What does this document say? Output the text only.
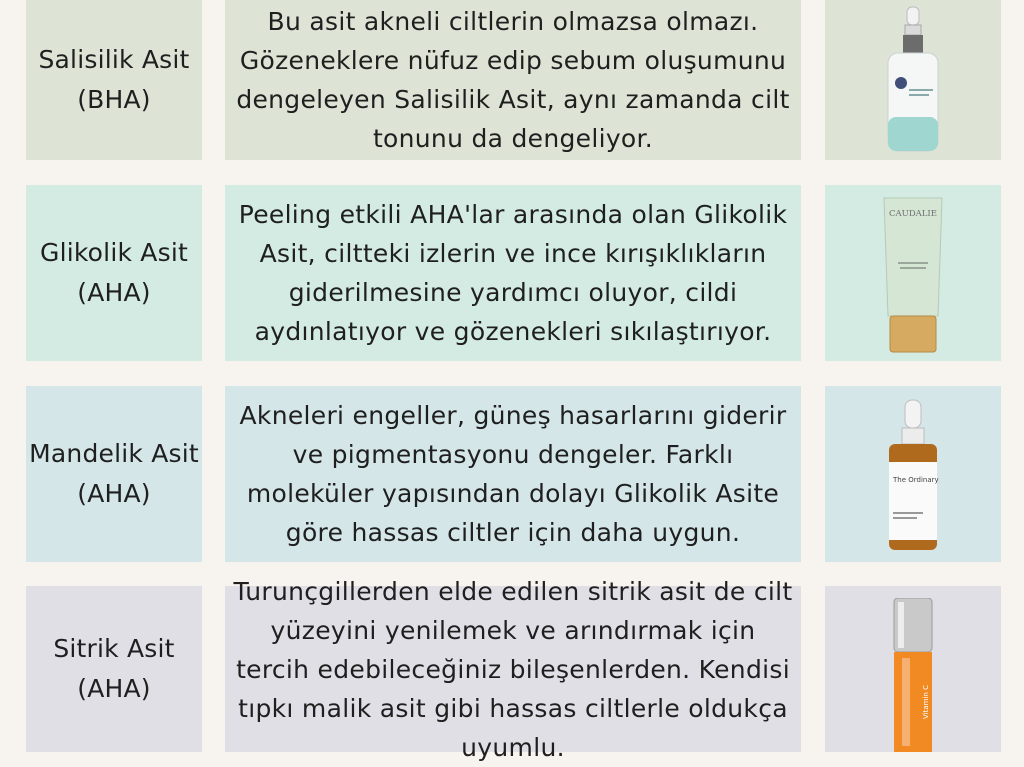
Salisilik Asit
(BHA)
Bu asit akneli ciltlerin olmazsa olmazı. Gözeneklere nüfuz edip sebum oluşumunu dengeleyen Salisilik Asit, aynı zamanda cilt tonunu da dengeliyor.
Glikolik Asit
(AHA)
Peeling etkili AHA'lar arasında olan Glikolik Asit, ciltteki izlerin ve ince kırışıklıkların giderilmesine yardımcı oluyor, cildi aydınlatıyor ve gözenekleri sıkılaştırıyor.
CAUDALIE
Mandelik Asit
(AHA)
Akneleri engeller, güneş hasarlarını giderir ve pigmentasyonu dengeler. Farklı moleküler yapısından dolayı Glikolik Asite göre hassas ciltler için daha uygun.
The Ordinary
Sitrik Asit
(AHA)
Turunçgillerden elde edilen sitrik asit de cilt yüzeyini yenilemek ve arındırmak için tercih edebileceğiniz bileşenlerden. Kendisi tıpkı malik asit gibi hassas ciltlerle oldukça uyumlu.
Vitamin C
